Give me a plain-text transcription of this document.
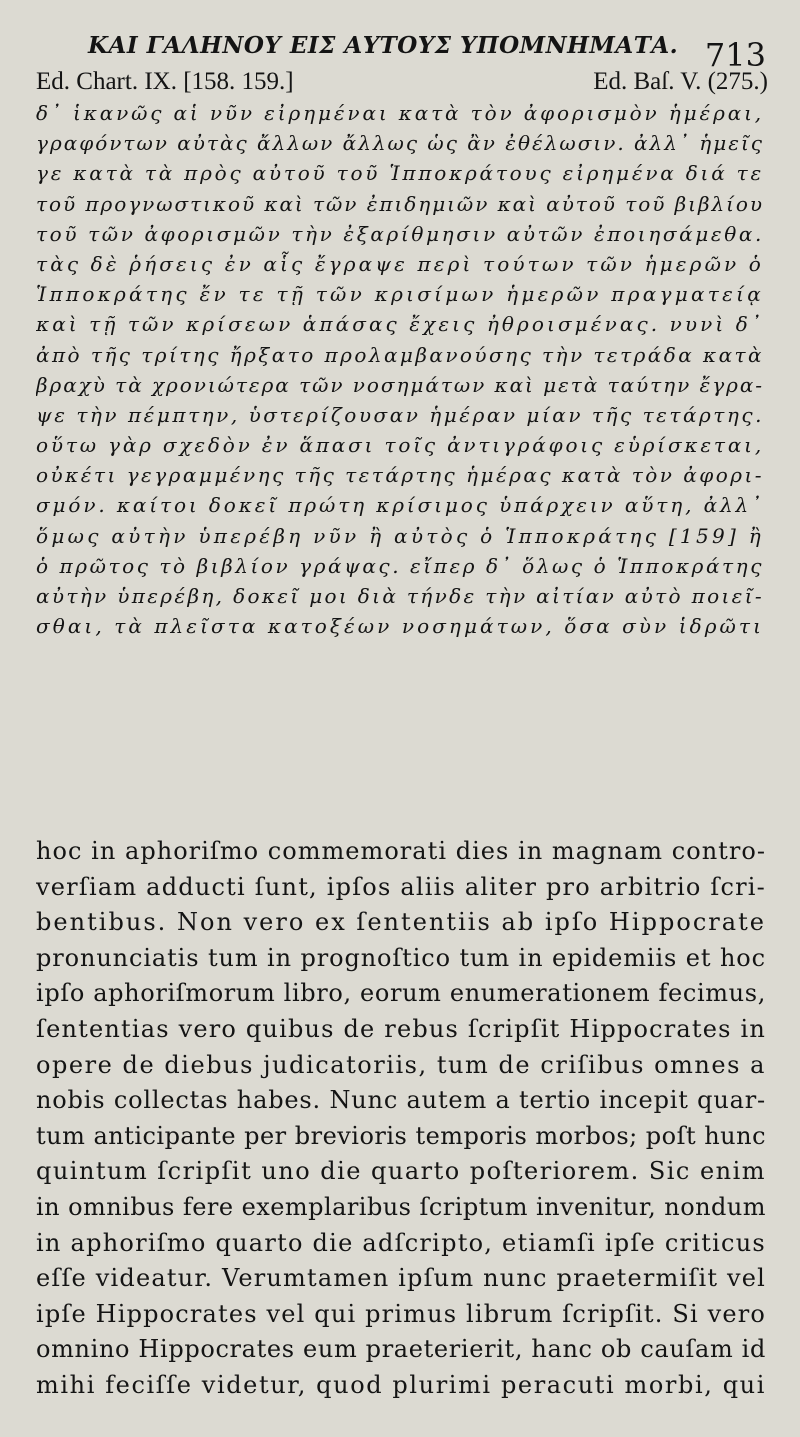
ΚΑΙ ΓΑΛΗΝΟΥ ΕΙΣ ΑΥΤΟΥΣ ΥΠΟΜΝΗΜΑΤΑ. 713
Ed. Chart. IX. [158. 159.]	Ed. Baſ. V. (275.)
δ᾽ ἱκανῶς αἱ νῦν εἰρημέναι κατὰ τὸν ἀφορισμὸν ἡμέραι,
γραφόντων αὐτὰς ἄλλων ἄλλως ὡς ἂν ἐθέλωσιν. ἀλλ᾽ ἡμεῖς
γε κατὰ τὰ πρὸς αὐτοῦ τοῦ Ἱπποκράτους εἰρημένα διά τε
τοῦ προγνωστικοῦ καὶ τῶν ἐπιδημιῶν καὶ αὐτοῦ τοῦ βιβλίου
τοῦ τῶν ἀφορισμῶν τὴν ἐξαρίθμησιν αὐτῶν ἐποιησάμεθα.
τὰς δὲ ῥήσεις ἐν αἷς ἔγραψε περὶ τούτων τῶν ἡμερῶν ὁ
Ἱπποκράτης ἔν τε τῇ τῶν κρισίμων ἡμερῶν πραγματείᾳ
καὶ τῇ τῶν κρίσεων ἁπάσας ἔχεις ἠθροισμένας. νυνὶ δ᾽
ἀπὸ τῆς τρίτης ἤρξατο προλαμβανούσης τὴν τετράδα κατὰ
βραχὺ τὰ χρονιώτερα τῶν νοσημάτων καὶ μετὰ ταύτην ἔγρα-
ψε τὴν πέμπτην, ὑστερίζουσαν ἡμέραν μίαν τῆς τετάρτης.
οὕτω γὰρ σχεδὸν ἐν ἅπασι τοῖς ἀντιγράφοις εὑρίσκεται,
οὐκέτι γεγραμμένης τῆς τετάρτης ἡμέρας κατὰ τὸν ἀφορι-
σμόν. καίτοι δοκεῖ πρώτη κρίσιμος ὑπάρχειν αὕτη, ἀλλ᾽
ὅμως αὐτὴν ὑπερέβη νῦν ἢ αὐτὸς ὁ Ἱπποκράτης [159] ἢ
ὁ πρῶτος τὸ βιβλίον γράψας. εἴπερ δ᾽ ὅλως ὁ Ἱπποκράτης
αὐτὴν ὑπερέβη, δοκεῖ μοι διὰ τήνδε τὴν αἰτίαν αὐτὸ ποιεῖ-
σθαι, τὰ πλεῖστα κατοξέων νοσημάτων, ὅσα σὺν ἱδρῶτι
hoc in aphoriſmo commemorati dies in magnam contro-
verſiam adducti ſunt, ipſos aliis aliter pro arbitrio ſcri-
bentibus. Non vero ex ſententiis ab ipſo Hippocrate
pronunciatis tum in prognoſtico tum in epidemiis et hoc
ipſo aphoriſmorum libro, eorum enumerationem fecimus,
ſententias vero quibus de rebus ſcripſit Hippocrates in
opere de diebus judicatoriis, tum de criſibus omnes a
nobis collectas habes. Nunc autem a tertio incepit quar-
tum anticipante per brevioris temporis morbos; poſt hunc
quintum ſcripſit uno die quarto poſteriorem. Sic enim
in omnibus fere exemplaribus ſcriptum invenitur, nondum
in aphoriſmo quarto die adſcripto, etiamſi ipſe criticus
eſſe videatur. Verumtamen ipſum nunc praetermiſit vel
ipſe Hippocrates vel qui primus librum ſcripſit. Si vero
omnino Hippocrates eum praeterierit, hanc ob cauſam id
mihi feciſſe videtur, quod plurimi peracuti morbi, qui
